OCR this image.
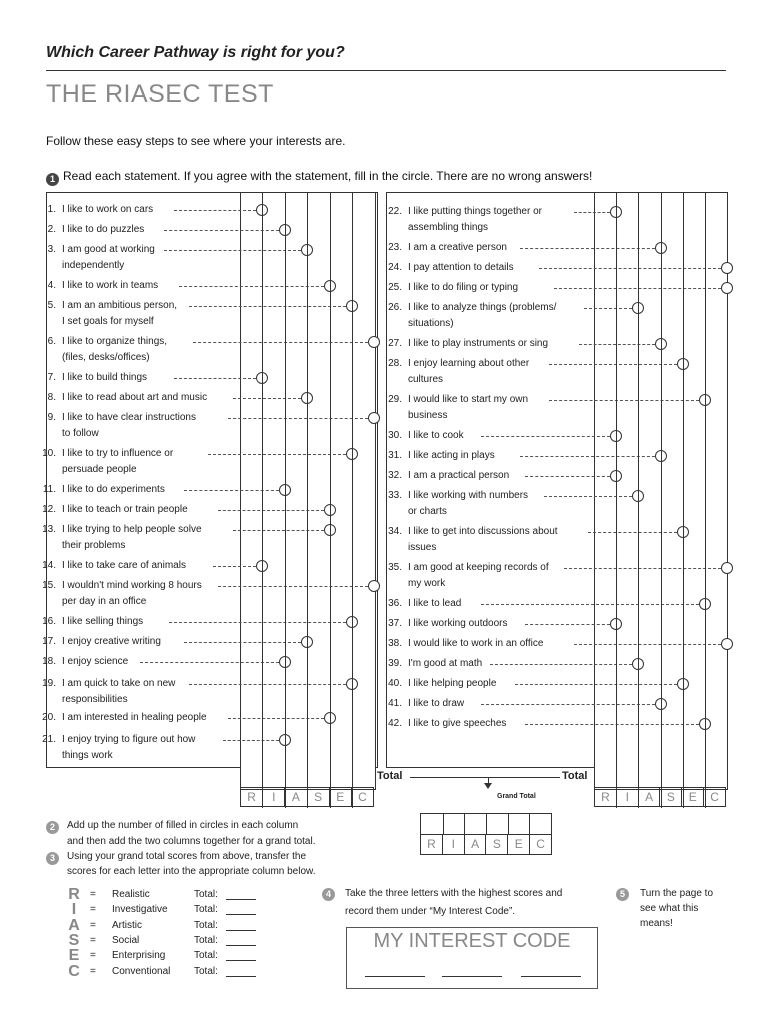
Which Career Pathway is right for you?
THE RIASEC TEST
Follow these easy steps to see where your interests are.
1 Read each statement. If you agree with the statement, fill in the circle. There are no wrong answers!
1. I like to work on cars
2. I like to do puzzles
3. I am good at working
independently
4. I like to work in teams
5. I am an ambitious person,
I set goals for myself
6. I like to organize things,
(files, desks/offices)
7. I like to build things
8. I like to read about art and music
9. I like to have clear instructions
to follow
10. I like to try to influence or
persuade people
11. I like to do experiments
12. I like to teach or train people
13. I like trying to help people solve
their problems
14. I like to take care of animals
15. I wouldn't mind working 8 hours
per day in an office
16. I like selling things
17. I enjoy creative writing
18. I enjoy science
19. I am quick to take on new
responsibilities
20. I am interested in healing people
21. I enjoy trying to figure out how
things work
R	I	A	S	E	C
22. I like putting things together or
assembling things
23. I am a creative person
24. I pay attention to details
25. I like to do filing or typing
26. I like to analyze things (problems/
situations)
27. I like to play instruments or sing
28. I enjoy learning about other
cultures
29. I would like to start my own
business
30. I like to cook
31. I like acting in plays
32. I am a practical person
33. I like working with numbers
or charts
34. I like to get into discussions about
issues
35. I am good at keeping records of
my work
36. I like to lead
37. I like working outdoors
38. I would like to work in an office
39. I'm good at math
40. I like helping people
41. I like to draw
42. I like to give speeches
R	I	A	S	E	C
Total	Total
Grand Total
R	I	A	S	E	C
2	Add up the number of filled in circles in each column
and then add the two columns together for a grand total.
3	Using your grand total scores from above, transfer the
scores for each letter into the appropriate column below.
R = Realistic	Total:
I	= Investigative	Total:
A = Artistic	Total:
S = Social	Total:
E = Enterprising	Total:
C = Conventional Total:
4	Take the three letters with the highest scores and
record them under “My Interest Code”.
5	Turn the page to
see what this
means!
MY INTEREST CODE
